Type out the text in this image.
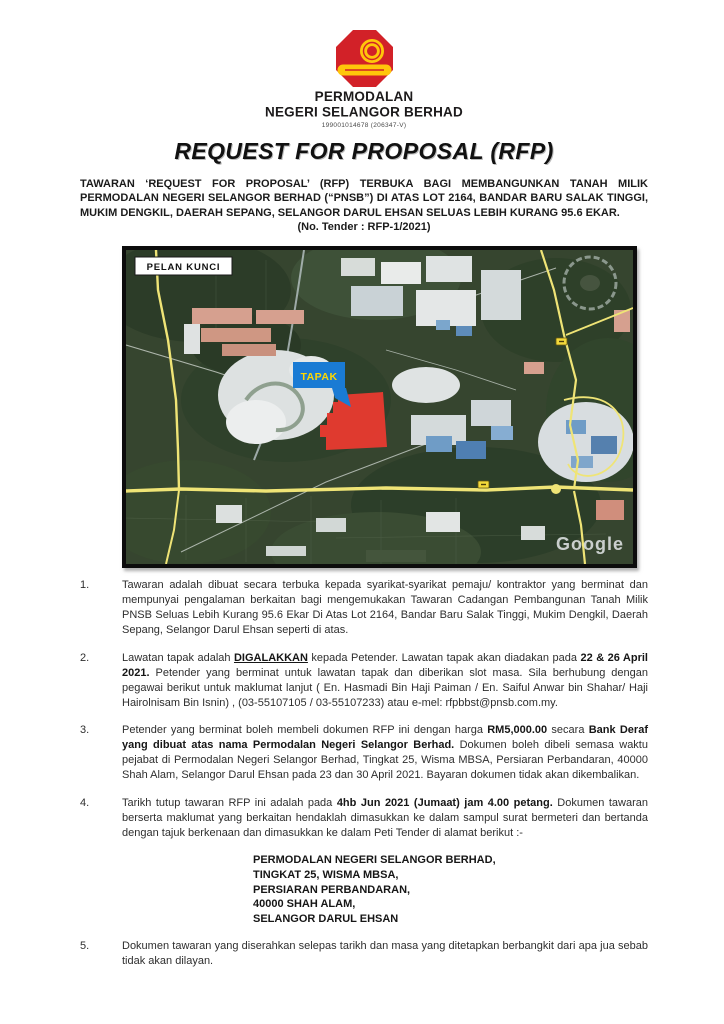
PERMODALAN
NEGERI SELANGOR BERHAD
199001014678 (206347-V)
REQUEST FOR PROPOSAL (RFP)
TAWARAN ‘REQUEST FOR PROPOSAL’ (RFP) TERBUKA BAGI MEMBANGUNKAN TANAH MILIK PERMODALAN NEGERI SELANGOR BERHAD (“PNSB”) DI ATAS LOT 2164, BANDAR BARU SALAK TINGGI, MUKIM DENGKIL, DAERAH SEPANG, SELANGOR DARUL EHSAN SELUAS LEBIH KURANG 95.6 EKAR.
(No. Tender : RFP-1/2021)
TAPAK
PELAN KUNCI
Google
1.	Tawaran adalah dibuat secara terbuka kepada syarikat-syarikat pemaju/ kontraktor yang berminat dan mempunyai pengalaman berkaitan bagi mengemukakan Tawaran Cadangan Pembangunan Tanah Milik PNSB Seluas Lebih Kurang 95.6 Ekar Di Atas Lot 2164, Bandar Baru Salak Tinggi, Mukim Dengkil, Daerah Sepang, Selangor Darul Ehsan seperti di atas.
2.	Lawatan tapak adalah DIGALAKKAN kepada Petender. Lawatan tapak akan diadakan pada 22 & 26 April 2021. Petender yang berminat untuk lawatan tapak dan diberikan slot masa. Sila berhubung dengan pegawai berikut untuk maklumat lanjut ( En. Hasmadi Bin Haji Paiman / En. Saiful Anwar bin Shahar/ Haji Hairolnisam Bin Isnin) , (03-55107105 / 03-55107233) atau e-mel: rfpbbst@pnsb.com.my.
3.	Petender yang berminat boleh membeli dokumen RFP ini dengan harga RM5,000.00 secara Bank Deraf yang dibuat atas nama Permodalan Negeri Selangor Berhad. Dokumen boleh dibeli semasa waktu pejabat di Permodalan Negeri Selangor Berhad, Tingkat 25, Wisma MBSA, Persiaran Perbandaran, 40000 Shah Alam, Selangor Darul Ehsan pada 23 dan 30 April 2021. Bayaran dokumen tidak akan dikembalikan.
4.	Tarikh tutup tawaran RFP ini adalah pada 4hb Jun 2021 (Jumaat) jam 4.00 petang. Dokumen tawaran berserta maklumat yang berkaitan hendaklah dimasukkan ke dalam sampul surat bermeteri dan bertanda dengan tajuk berkenaan dan dimasukkan ke dalam Peti Tender di alamat berikut :-
PERMODALAN NEGERI SELANGOR BERHAD,
TINGKAT 25, WISMA MBSA,
PERSIARAN PERBANDARAN,
40000 SHAH ALAM,
SELANGOR DARUL EHSAN
5.	Dokumen tawaran yang diserahkan selepas tarikh dan masa yang ditetapkan berbangkit dari apa jua sebab tidak akan dilayan.
